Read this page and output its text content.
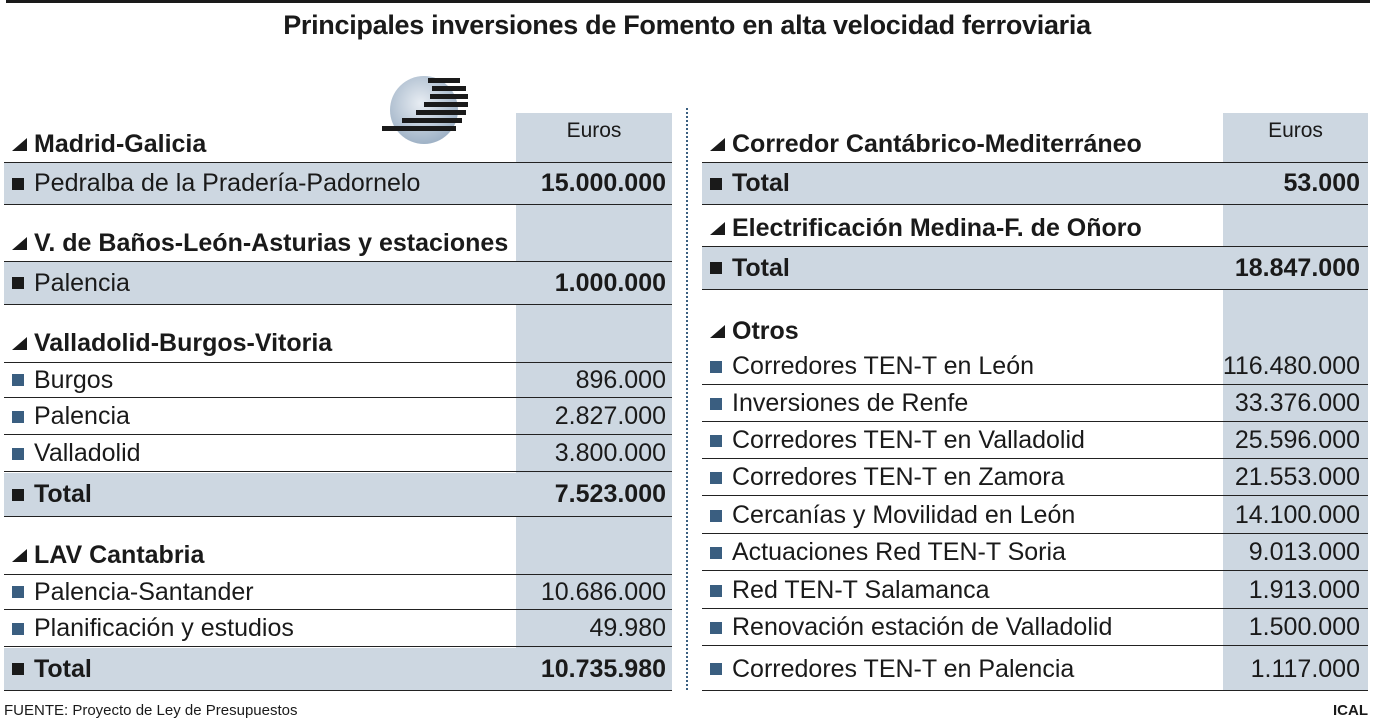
Principales inversiones de Fomento en alta velocidad ferroviaria
Euros
Madrid-Galicia
Pedralba de la Pradería-Padornelo	15.000.000
V. de Baños-León-Asturias y estaciones
Palencia	1.000.000
Valladolid-Burgos-Vitoria
Burgos	896.000
Palencia	2.827.000
Valladolid	3.800.000
Total	7.523.000
LAV Cantabria
Palencia-Santander	10.686.000
Planificación y estudios	49.980
Total	10.735.980
Euros
Corredor Cantábrico-Mediterráneo
Total	53.000
Electrificación Medina-F. de Oñoro
Total	18.847.000
Otros
Corredores TEN-T en León	116.480.000
Inversiones de Renfe	33.376.000
Corredores TEN-T en Valladolid	25.596.000
Corredores TEN-T en Zamora	21.553.000
Cercanías y Movilidad en León	14.100.000
Actuaciones Red TEN-T Soria	9.013.000
Red TEN-T Salamanca	1.913.000
Renovación estación de Valladolid	1.500.000
Corredores TEN-T en Palencia	1.117.000
FUENTE: Proyecto de Ley de Presupuestos	ICAL
